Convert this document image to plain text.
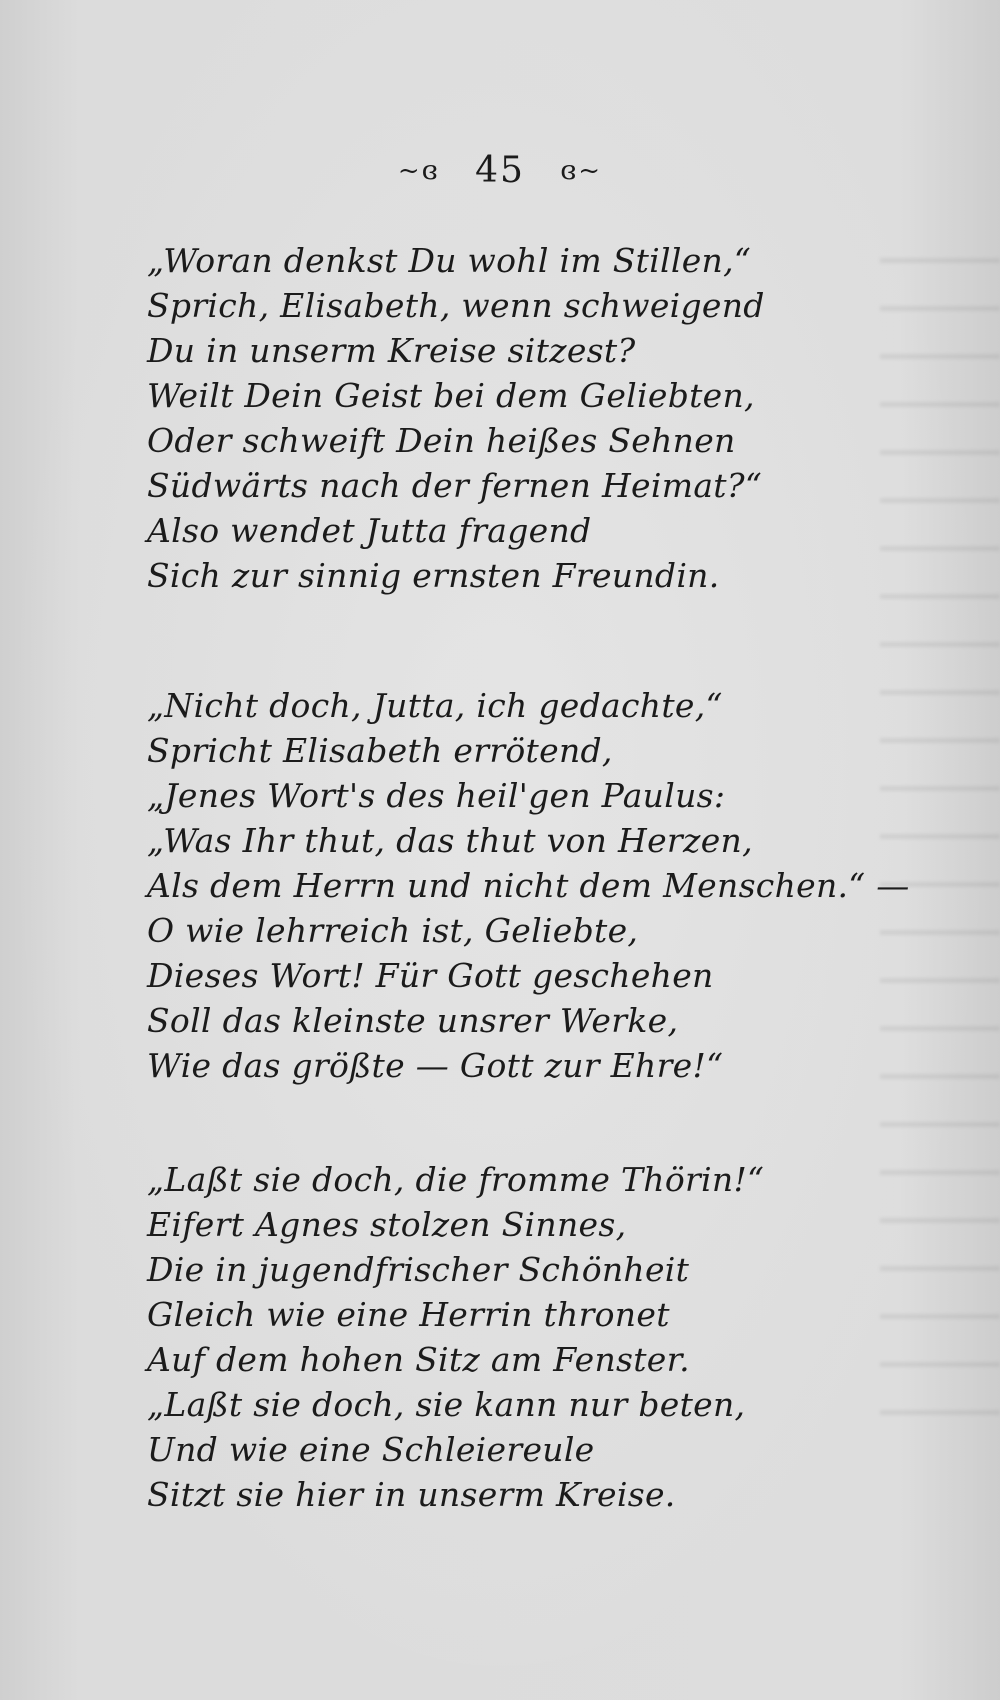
~ɞ 45 ɞ~
„Woran denkst Du wohl im Stillen,“
Sprich, Elisabeth, wenn schweigend
Du in unserm Kreise sitzest?
Weilt Dein Geist bei dem Geliebten,
Oder schweift Dein heißes Sehnen
Südwärts nach der fernen Heimat?“
Also wendet Jutta fragend
Sich zur sinnig ernsten Freundin.
„Nicht doch, Jutta, ich gedachte,“
Spricht Elisabeth errötend,
„Jenes Wort's des heil'gen Paulus:
„Was Ihr thut, das thut von Herzen,
Als dem Herrn und nicht dem Menschen.“ —
O wie lehrreich ist, Geliebte,
Dieses Wort! Für Gott geschehen
Soll das kleinste unsrer Werke,
Wie das größte — Gott zur Ehre!“
„Laßt sie doch, die fromme Thörin!“
Eifert Agnes stolzen Sinnes,
Die in jugendfrischer Schönheit
Gleich wie eine Herrin thronet
Auf dem hohen Sitz am Fenster.
„Laßt sie doch, sie kann nur beten,
Und wie eine Schleiereule
Sitzt sie hier in unserm Kreise.
